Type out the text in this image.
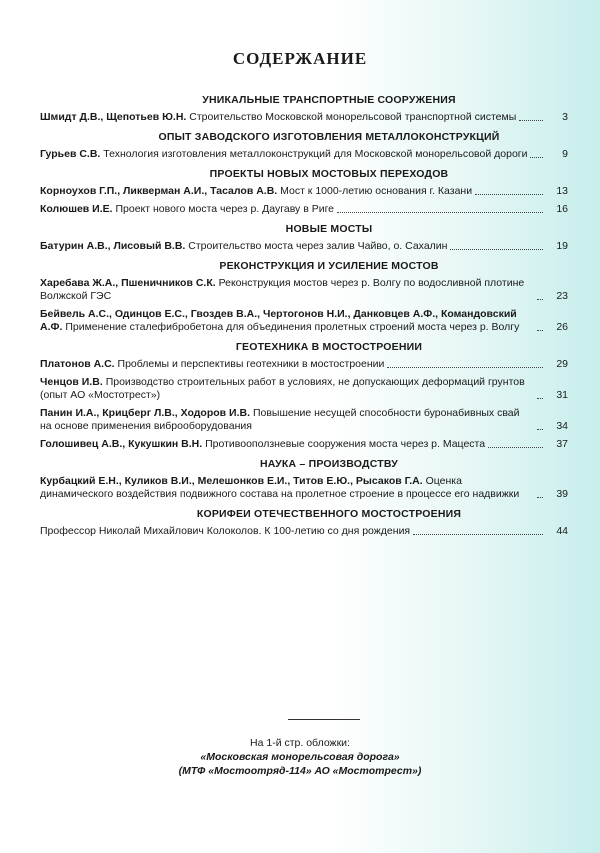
СОДЕРЖАНИЕ
УНИКАЛЬНЫЕ ТРАНСПОРТНЫЕ СООРУЖЕНИЯ
Шмидт Д.В., Щепотьев Ю.Н. Строительство Московской монорельсовой транспортной системы	3
ОПЫТ ЗАВОДСКОГО ИЗГОТОВЛЕНИЯ МЕТАЛЛОКОНСТРУКЦИЙ
Гурьев С.В. Технология изготовления металлоконструкций для Московской монорельсовой дороги	9
ПРОЕКТЫ НОВЫХ МОСТОВЫХ ПЕРЕХОДОВ
Корноухов Г.П., Ликверман А.И., Тасалов А.В. Мост к 1000-летию основания г. Казани	13
Колюшев И.Е. Проект нового моста через р. Даугаву в Риге	16
НОВЫЕ МОСТЫ
Батурин А.В., Лисовый В.В. Строительство моста через залив Чайво, о. Сахалин	19
РЕКОНСТРУКЦИЯ И УСИЛЕНИЕ МОСТОВ
Харебава Ж.А., Пшеничников С.К. Реконструкция мостов через р. Волгу по водосливной плотине Волжской ГЭС	23
Бейвель А.С., Одинцов Е.С., Гвоздев В.А., Чертогонов Н.И., Данковцев А.Ф., Командовский А.Ф. Применение сталефибробетона для объединения пролетных строений моста через р. Волгу	26
ГЕОТЕХНИКА В МОСТОСТРОЕНИИ
Платонов А.С. Проблемы и перспективы геотехники в мостостроении	29
Ченцов И.В. Производство строительных работ в условиях, не допускающих деформаций грунтов (опыт АО «Мостотрест»)	31
Панин И.А., Крицберг Л.В., Ходоров И.В. Повышение несущей способности буронабивных свай на основе применения виброоборудования	34
Голошивец А.В., Кукушкин В.Н. Противооползневые сооружения моста через р. Мацеста	37
НАУКА – ПРОИЗВОДСТВУ
Курбацкий Е.Н., Куликов В.И., Мелешонков Е.И., Титов Е.Ю., Рысаков Г.А. Оценка динамического воздействия подвижного состава на пролетное строение в процессе его надвижки	39
КОРИФЕИ ОТЕЧЕСТВЕННОГО МОСТОСТРОЕНИЯ
Профессор Николай Михайлович Колоколов. К 100-летию со дня рождения	44
На 1-й стр. обложки:
«Московская монорельсовая дорога»
(МТФ «Мостоотряд-114» АО «Мостотрест»)
